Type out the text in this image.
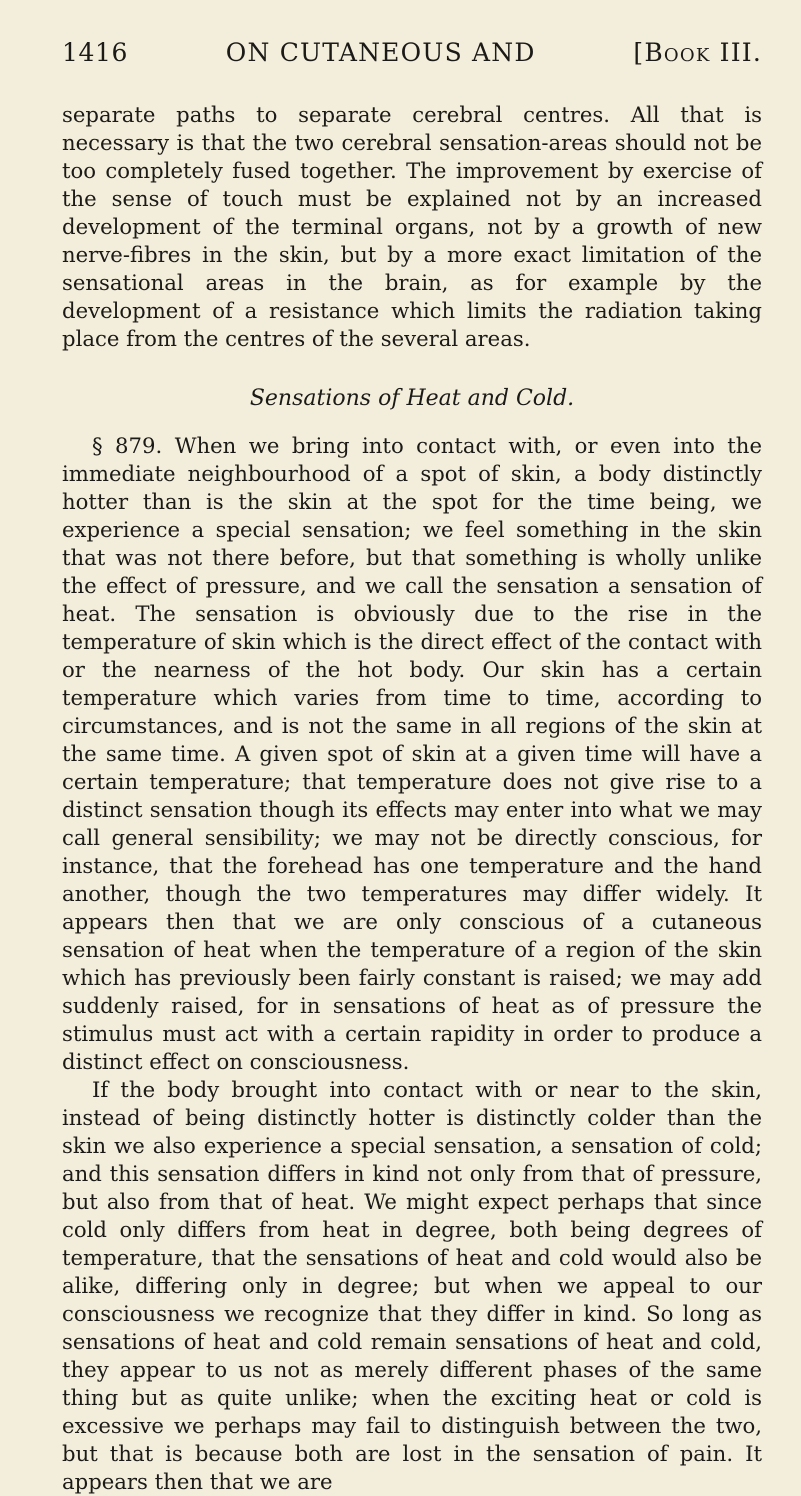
1416	ON CUTANEOUS AND	[Book III.

separate paths to separate cerebral centres. All that is necessary is that the two cerebral sensation-areas should not be too completely fused together. The improvement by exercise of the sense of touch must be explained not by an increased development of the terminal organs, not by a growth of new nerve-fibres in the skin, but by a more exact limitation of the sensational areas in the brain, as for example by the development of a resistance which limits the radiation taking place from the centres of the several areas.

Sensations of Heat and Cold.

§ 879. When we bring into contact with, or even into the immediate neighbourhood of a spot of skin, a body distinctly hotter than is the skin at the spot for the time being, we experience a special sensation; we feel something in the skin that was not there before, but that something is wholly unlike the effect of pressure, and we call the sensation a sensation of heat. The sensation is obviously due to the rise in the temperature of skin which is the direct effect of the contact with or the nearness of the hot body. Our skin has a certain temperature which varies from time to time, according to circumstances, and is not the same in all regions of the skin at the same time. A given spot of skin at a given time will have a certain temperature; that temperature does not give rise to a distinct sensation though its effects may enter into what we may call general sensibility; we may not be directly conscious, for instance, that the forehead has one temperature and the hand another, though the two temperatures may differ widely. It appears then that we are only conscious of a cutaneous sensation of heat when the temperature of a region of the skin which has previously been fairly constant is raised; we may add suddenly raised, for in sensations of heat as of pressure the stimulus must act with a certain rapidity in order to produce a distinct effect on consciousness.

If the body brought into contact with or near to the skin, instead of being distinctly hotter is distinctly colder than the skin we also experience a special sensation, a sensation of cold; and this sensation differs in kind not only from that of pressure, but also from that of heat. We might expect perhaps that since cold only differs from heat in degree, both being degrees of temperature, that the sensations of heat and cold would also be alike, differing only in degree; but when we appeal to our consciousness we recognize that they differ in kind. So long as sensations of heat and cold remain sensations of heat and cold, they appear to us not as merely different phases of the same thing but as quite unlike; when the exciting heat or cold is excessive we perhaps may fail to distinguish between the two, but that is because both are lost in the sensation of pain. It appears then that we are
